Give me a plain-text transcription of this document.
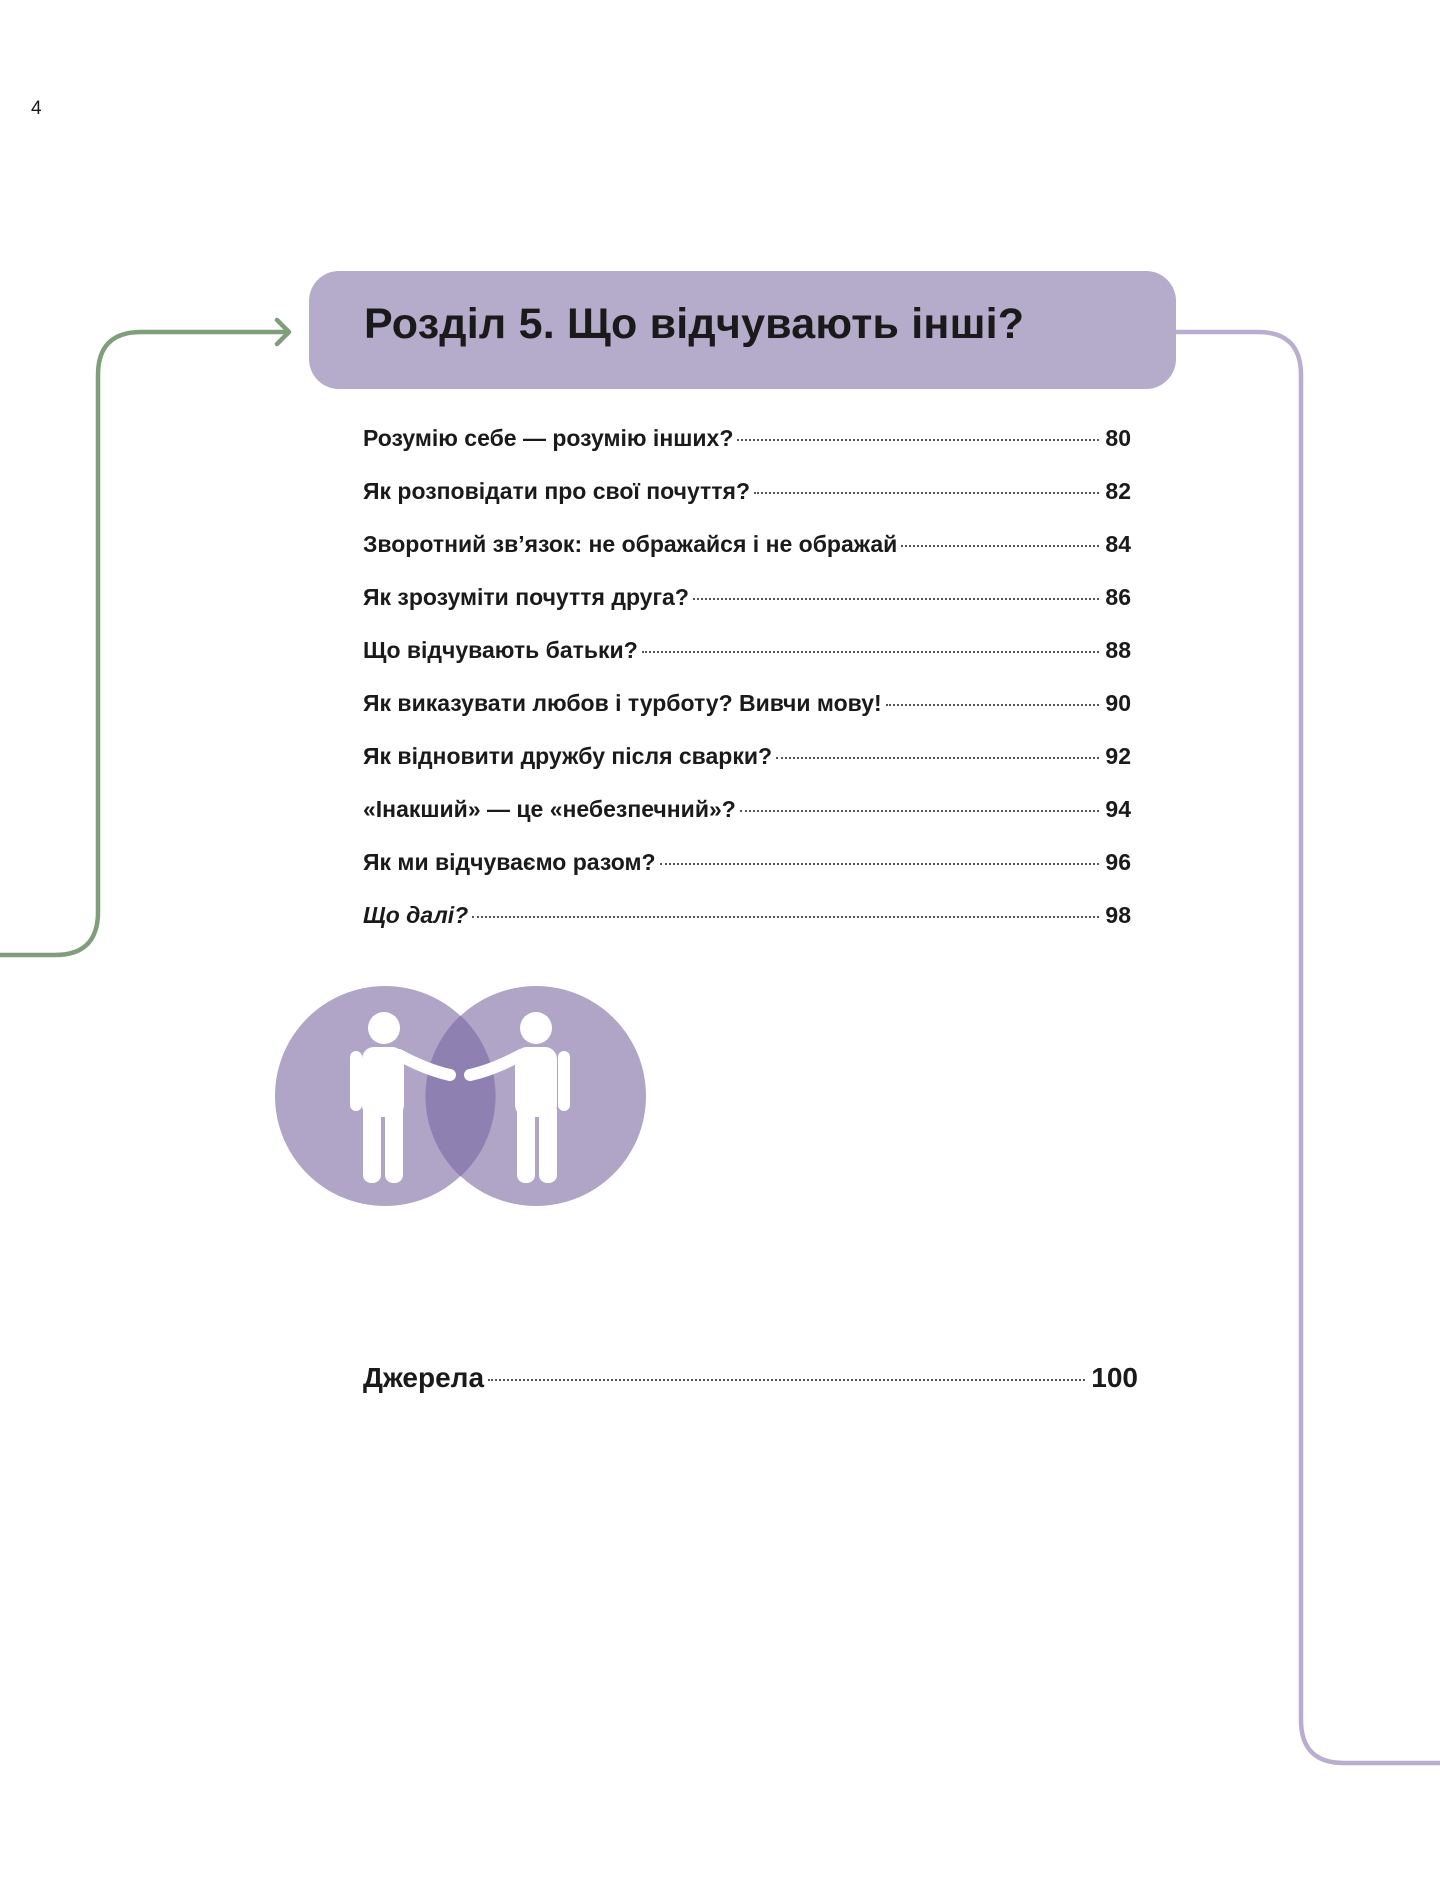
4
Розділ 5. Що відчувають інші?
Розумію себе — розумію інших?	80
Як розповідати про свої почуття?	82
Зворотний зв’язок: не ображайся і не ображай	84
Як зрозуміти почуття друга?	86
Що відчувають батьки?	88
Як виказувати любов і турботу? Вивчи мову!	90
Як відновити дружбу після сварки?	92
«Інакший» — це «небезпечний»?	94
Як ми відчуваємо разом?	96
Що далі?	98
Джерела	100
